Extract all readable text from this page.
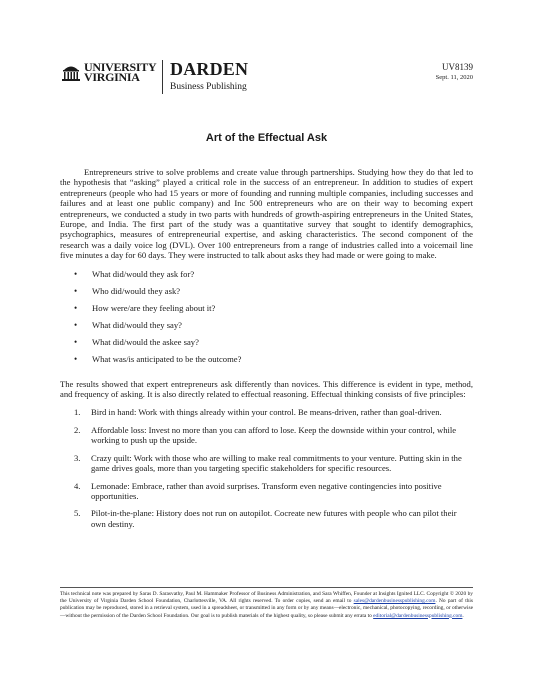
UNIVERSITY
VIRGINIA	DARDEN
Business Publishing
UV8139
Sept. 11, 2020
Art of the Effectual Ask

Entrepreneurs strive to solve problems and create value through partnerships. Studying how they do that led to the hypothesis that “asking” played a critical role in the success of an entrepreneur. In addition to studies of expert entrepreneurs (people who had 15 years or more of founding and running multiple companies, including successes and failures and at least one public company) and Inc 500 entrepreneurs who are on their way to becoming expert entrepreneurs, we conducted a study in two parts with hundreds of growth-aspiring entrepreneurs in the United States, Europe, and India. The first part of the study was a quantitative survey that sought to identify demographics, psychographics, measures of entrepreneurial expertise, and asking characteristics. The second component of the research was a daily voice log (DVL). Over 100 entrepreneurs from a range of industries called into a voicemail line five minutes a day for 60 days. They were instructed to talk about asks they had made or were going to make.

• What did/would they ask for?
• Who did/would they ask?
• How were/are they feeling about it?
• What did/would they say?
• What did/would the askee say?
• What was/is anticipated to be the outcome?

The results showed that expert entrepreneurs ask differently than novices. This difference is evident in type, method, and frequency of asking. It is also directly related to effectual reasoning. Effectual thinking consists of five principles:

1.	Bird in hand: Work with things already within your control. Be means-driven, rather than goal-driven.
2.	Affordable loss: Invest no more than you can afford to lose. Keep the downside within your control, while working to push up the upside.
3.	Crazy quilt: Work with those who are willing to make real commitments to your venture. Putting skin in the game drives goals, more than you targeting specific stakeholders for specific resources.
4.	Lemonade: Embrace, rather than avoid surprises. Transform even negative contingencies into positive opportunities.
5.	Pilot-in-the-plane: History does not run on autopilot. Cocreate new futures with people who can pilot their own destiny.
This technical note was prepared by Saras D. Sarasvathy, Paul M. Hammaker Professor of Business Administration, and Sara Whiffen, Founder at Insights Ignited LLC. Copyright © 2020 by the University of Virginia Darden School Foundation, Charlottesville, VA. All rights reserved. To order copies, send an email to sales@dardenbusinesspublishing.com. No part of this publication may be reproduced, stored in a retrieval system, used in a spreadsheet, or transmitted in any form or by any means—electronic, mechanical, photocopying, recording, or otherwise—without the permission of the Darden School Foundation. Our goal is to publish materials of the highest quality, so please submit any errata to editorial@dardenbusinesspublishing.com.
